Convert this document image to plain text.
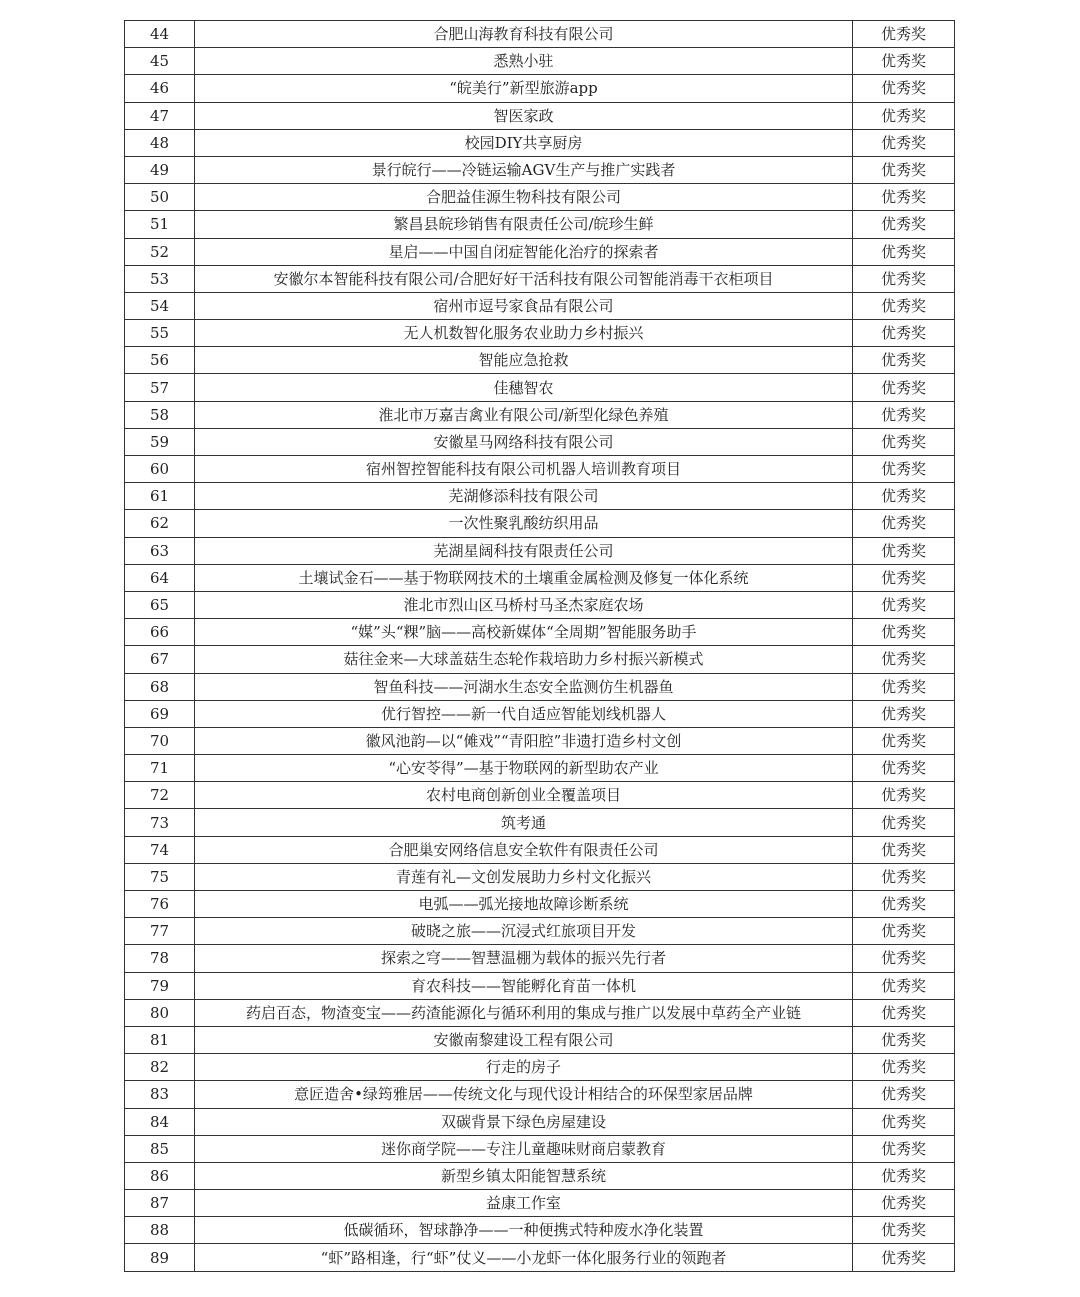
44	合肥山海教育科技有限公司	优秀奖
45	悉熟小驻	优秀奖
46	“皖美行”新型旅游app	优秀奖
47	智医家政	优秀奖
48	校园DIY共享厨房	优秀奖
49	景行皖行——冷链运输AGV生产与推广实践者	优秀奖
50	合肥益佳源生物科技有限公司	优秀奖
51	繁昌县皖珍销售有限责任公司/皖珍生鲜	优秀奖
52	星启——中国自闭症智能化治疗的探索者	优秀奖
53	安徽尔本智能科技有限公司/合肥好好干活科技有限公司智能消毒干衣柜项目	优秀奖
54	宿州市逗号家食品有限公司	优秀奖
55	无人机数智化服务农业助力乡村振兴	优秀奖
56	智能应急抢救	优秀奖
57	佳穗智农	优秀奖
58	淮北市万嘉吉禽业有限公司/新型化绿色养殖	优秀奖
59	安徽星马网络科技有限公司	优秀奖
60	宿州智控智能科技有限公司机器人培训教育项目	优秀奖
61	芜湖修添科技有限公司	优秀奖
62	一次性聚乳酸纺织用品	优秀奖
63	芜湖星阔科技有限责任公司	优秀奖
64	土壤试金石——基于物联网技术的土壤重金属检测及修复一体化系统	优秀奖
65	淮北市烈山区马桥村马圣杰家庭农场	优秀奖
66	“媒”头“粿”脑——高校新媒体“全周期”智能服务助手	优秀奖
67	菇往金来—大球盖菇生态轮作栽培助力乡村振兴新模式	优秀奖
68	智鱼科技——河湖水生态安全监测仿生机器鱼	优秀奖
69	优行智控——新一代自适应智能划线机器人	优秀奖
70	徽风池韵—以“傩戏”“青阳腔”非遗打造乡村文创	优秀奖
71	“心安苓得”—基于物联网的新型助农产业	优秀奖
72	农村电商创新创业全覆盖项目	优秀奖
73	筑考通	优秀奖
74	合肥巢安网络信息安全软件有限责任公司	优秀奖
75	青莲有礼—文创发展助力乡村文化振兴	优秀奖
76	电弧——弧光接地故障诊断系统	优秀奖
77	破晓之旅——沉浸式红旅项目开发	优秀奖
78	探索之穹——智慧温棚为载体的振兴先行者	优秀奖
79	育农科技——智能孵化育苗一体机	优秀奖
80	药启百态，物渣变宝——药渣能源化与循环利用的集成与推广以发展中草药全产业链	优秀奖
81	安徽南黎建设工程有限公司	优秀奖
82	行走的房子	优秀奖
83	意匠造舍•绿筠雅居——传统文化与现代设计相结合的环保型家居品牌	优秀奖
84	双碳背景下绿色房屋建设	优秀奖
85	迷你商学院——专注儿童趣味财商启蒙教育	优秀奖
86	新型乡镇太阳能智慧系统	优秀奖
87	益康工作室	优秀奖
88	低碳循环，智球静净——一种便携式特种废水净化装置	优秀奖
89	“虾”路相逢，行“虾”仗义——小龙虾一体化服务行业的领跑者	优秀奖
